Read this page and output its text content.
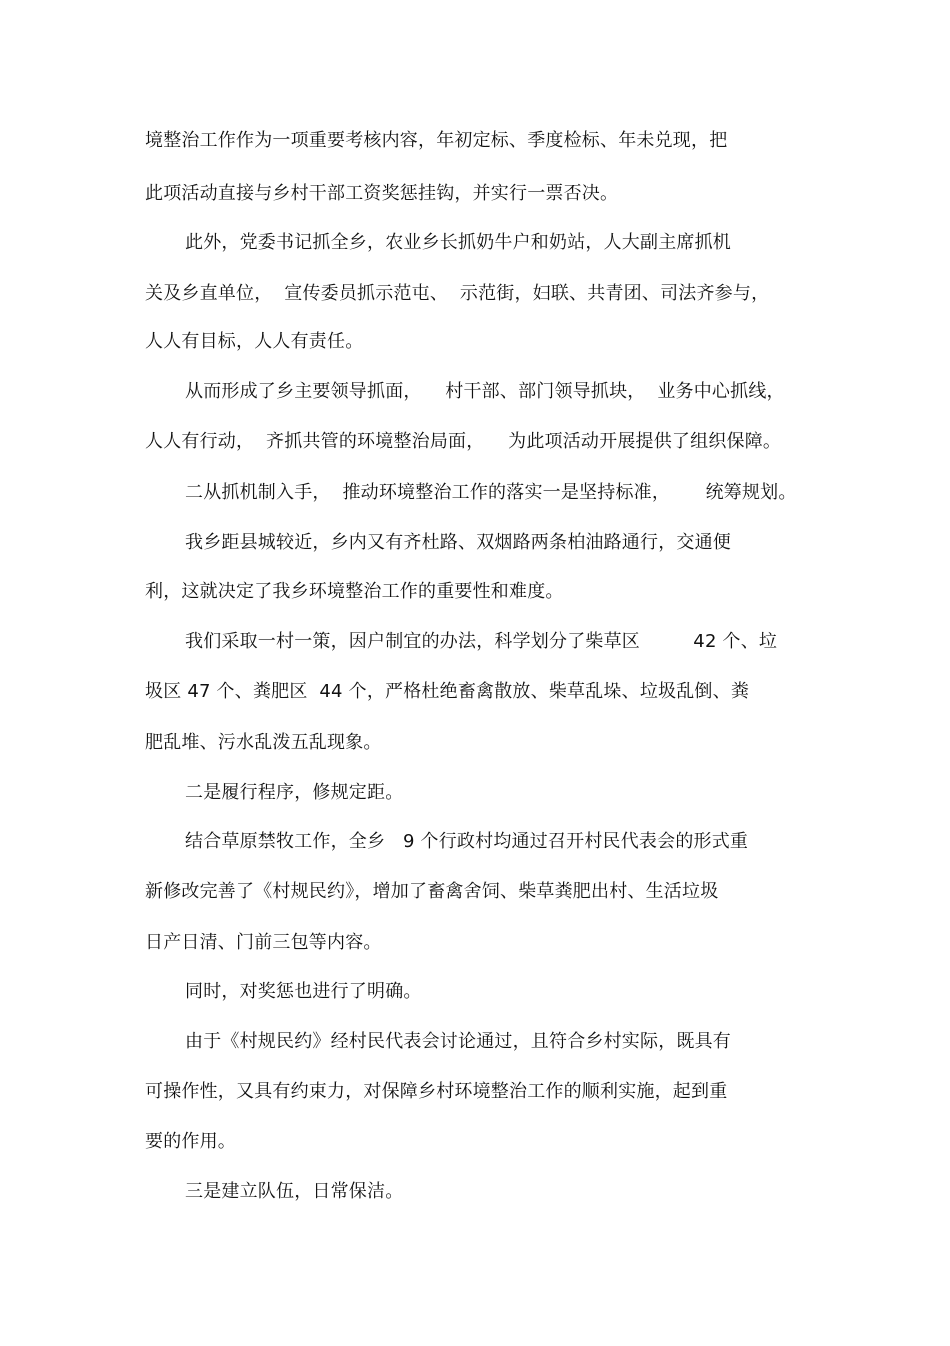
境整治工作作为一项重要考核内容，年初定标、季度检标、年未兑现，把
此项活动直接与乡村干部工资奖惩挂钩，并实行一票否决。
此外，党委书记抓全乡，农业乡长抓奶牛户和奶站，人大副主席抓机
关及乡直单位，  宣传委员抓示范屯、  示范街，妇联、共青团、司法齐参与，
人人有目标，人人有责任。
从而形成了乡主要领导抓面，    村干部、部门领导抓块，  业务中心抓线，
人人有行动，  齐抓共管的环境整治局面，    为此项活动开展提供了组织保障。
二从抓机制入手，  推动环境整治工作的落实一是坚持标准，      统筹规划。
我乡距县城较近，乡内又有齐杜路、双烟路两条柏油路通行，交通便
利，这就决定了我乡环境整治工作的重要性和难度。
我们采取一村一策，因户制宜的办法，科学划分了柴草区         42 个、垃
圾区 47 个、粪肥区  44 个，严格杜绝畜禽散放、柴草乱垛、垃圾乱倒、粪
肥乱堆、污水乱泼五乱现象。
二是履行程序，修规定距。
结合草原禁牧工作，全乡   9 个行政村均通过召开村民代表会的形式重
新修改完善了《村规民约》，增加了畜禽舍饲、柴草粪肥出村、生活垃圾
日产日清、门前三包等内容。
同时，对奖惩也进行了明确。
由于《村规民约》经村民代表会讨论通过，且符合乡村实际，既具有
可操作性，又具有约束力，对保障乡村环境整治工作的顺利实施，起到重
要的作用。
三是建立队伍，日常保洁。
